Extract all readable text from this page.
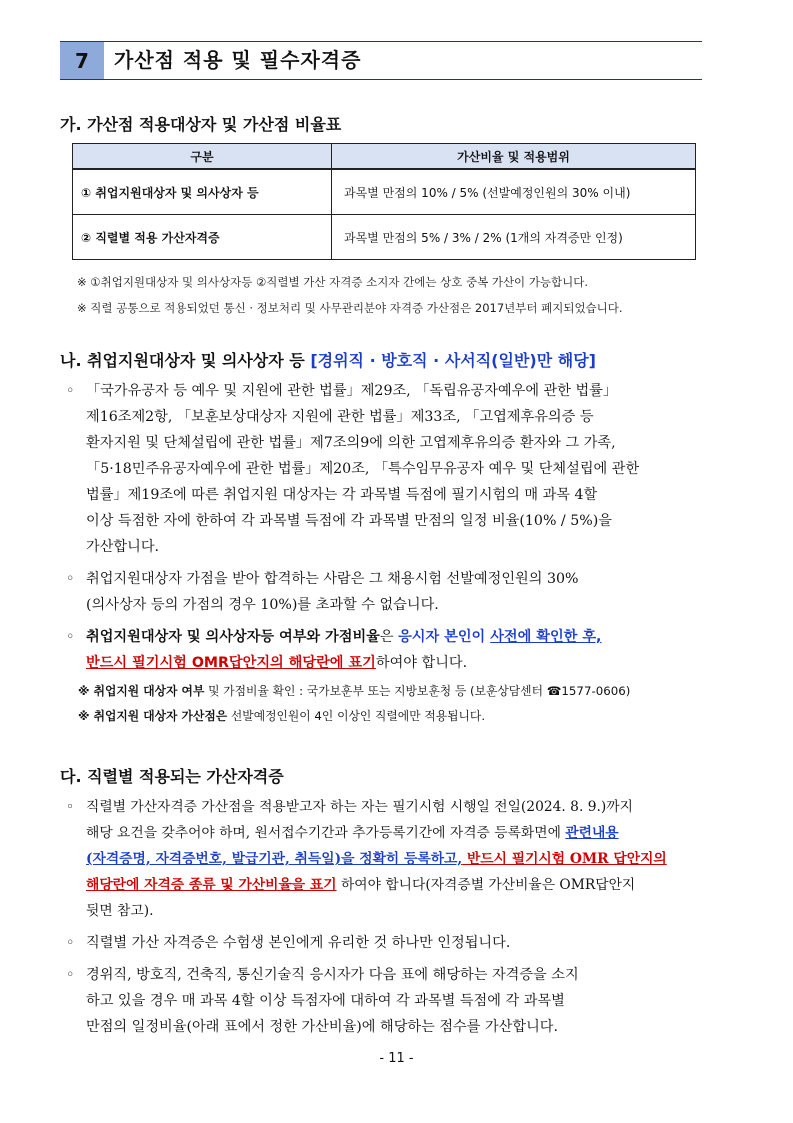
7	가산점 적용 및 필수자격증
가. 가산점 적용대상자 및 가산점 비율표
구분	가산비율 및 적용범위
① 취업지원대상자 및 의사상자 등	과목별 만점의 10% / 5% (선발예정인원의 30% 이내)
② 직렬별 적용 가산자격증	과목별 만점의 5% / 3% / 2% (1개의 자격증만 인정)
※ ①취업지원대상자 및 의사상자등 ②직렬별 가산 자격증 소지자 간에는 상호 중복 가산이 가능합니다.
※ 직렬 공통으로 적용되었던 통신 · 정보처리 및 사무관리분야 자격증 가산점은 2017년부터 폐지되었습니다.
나. 취업지원대상자 및 의사상자 등 [경위직 · 방호직 · 사서직(일반)만 해당]
◦ 「국가유공자 등 예우 및 지원에 관한 법률」제29조, 「독립유공자예우에 관한 법률」
제16조제2항, 「보훈보상대상자 지원에 관한 법률」제33조, 「고엽제후유의증 등
환자지원 및 단체설립에 관한 법률」제7조의9에 의한 고엽제후유의증 환자와 그 가족,
「5·18민주유공자예우에 관한 법률」제20조, 「특수임무유공자 예우 및 단체설립에 관한
법률」제19조에 따른 취업지원 대상자는 각 과목별 득점에 필기시험의 매 과목 4할
이상 득점한 자에 한하여 각 과목별 득점에 각 과목별 만점의 일정 비율(10% / 5%)을
가산합니다.
◦ 취업지원대상자 가점을 받아 합격하는 사람은 그 채용시험 선발예정인원의 30%
(의사상자 등의 가점의 경우 10%)를 초과할 수 없습니다.
◦ 취업지원대상자 및 의사상자등 여부와 가점비율은 응시자 본인이 사전에 확인한 후,
반드시 필기시험 OMR답안지의 해당란에 표기하여야 합니다.
※ 취업지원 대상자 여부 및 가점비율 확인 : 국가보훈부 또는 지방보훈청 등 (보훈상담센터 ☎1577-0606)
※ 취업지원 대상자 가산점은 선발예정인원이 4인 이상인 직렬에만 적용됩니다.
다. 직렬별 적용되는 가산자격증
◦ 직렬별 가산자격증 가산점을 적용받고자 하는 자는 필기시험 시행일 전일(2024. 8. 9.)까지
해당 요건을 갖추어야 하며, 원서접수기간과 추가등록기간에 자격증 등록화면에 관련내용
(자격증명, 자격증번호, 발급기관, 취득일)을 정확히 등록하고, 반드시 필기시험 OMR 답안지의
해당란에 자격증 종류 및 가산비율을 표기 하여야 합니다(자격증별 가산비율은 OMR답안지
뒷면 참고).
◦ 직렬별 가산 자격증은 수험생 본인에게 유리한 것 하나만 인정됩니다.
◦ 경위직, 방호직, 건축직, 통신기술직 응시자가 다음 표에 해당하는 자격증을 소지
하고 있을 경우 매 과목 4할 이상 득점자에 대하여 각 과목별 득점에 각 과목별
만점의 일정비율(아래 표에서 정한 가산비율)에 해당하는 점수를 가산합니다.
- 11 -
